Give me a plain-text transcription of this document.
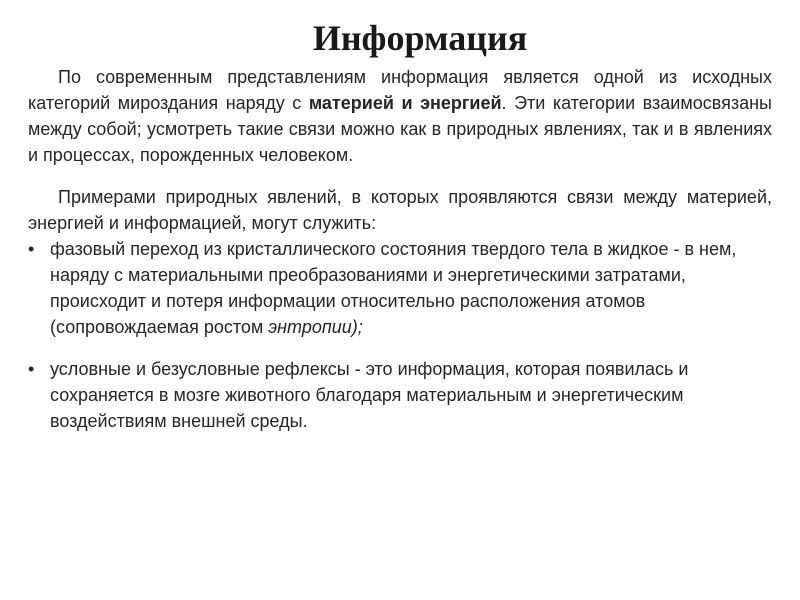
Информация

По современным представлениям информация является одной из исходных категорий мироздания наряду с материей и энергией. Эти категории взаимосвязаны между собой; усмотреть такие связи можно как в природных явлениях, так и в явлениях и процессах, порожденных человеком.

Примерами природных явлений, в которых проявляются связи между материей, энергией и информацией, могут служить:

• фазовый переход из кристаллического состояния твердого тела в жидкое - в нем, наряду с материальными преобразованиями и энергетическими затратами, происходит и потеря информации относительно расположения атомов (сопровождаемая ростом энтропии);
• условные и безусловные рефлексы - это информация, которая появилась и сохраняется в мозге животного благодаря материальным и энергетическим воздействиям внешней среды.
